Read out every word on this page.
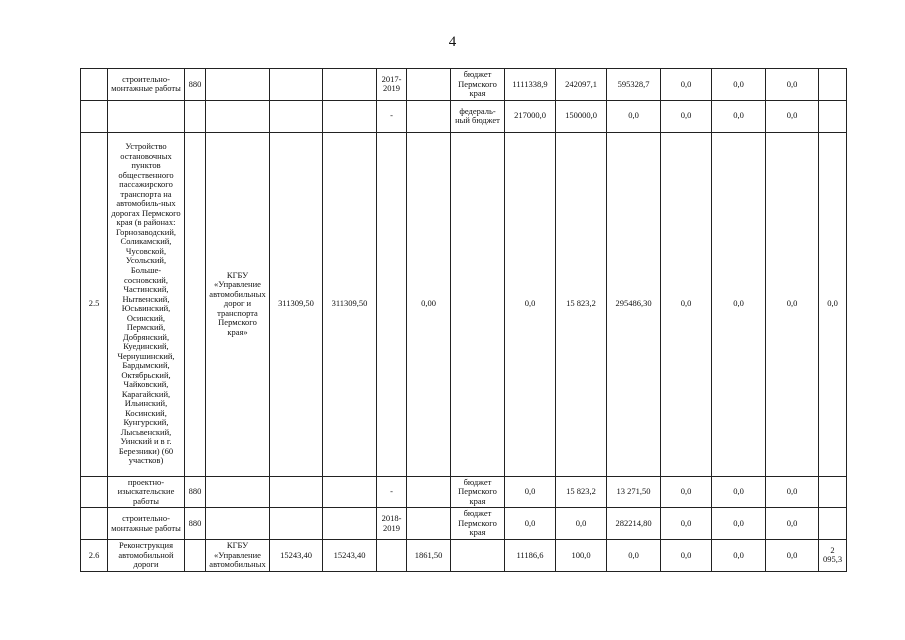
4
	строительно-монтажные работы	880				2017-2019		бюджет Пермского края	1111338,9	242097,1	595328,7	0,0	0,0	0,0	
						-		федераль-ный бюджет	217000,0	150000,0	0,0	0,0	0,0	0,0	
2.5	Устройство остановочных пунктов общественного пассажирского транспорта на автомобиль-ных дорогах Пермского края (в районах: Горнозаводский, Соликамский, Чусовской, Усольский, Больше-сосновский, Частинский, Нытвенский, Юсьвинский, Осинский, Пермский, Добрянский, Куединский, Чернушинский, Бардымский, Октябрьский, Чайковский, Карагайский, Ильинский, Косинский, Кунгурский, Лысьвенский, Уинский и в г. Березники) (60 участков)		КГБУ «Управление автомобильных дорог и транспорта Пермского края»	311309,50	311309,50		0,00		0,0	15 823,2	295486,30	0,0	0,0	0,0	0,0
	проектно-изыскательские работы	880				-		бюджет Пермского края	0,0	15 823,2	13 271,50	0,0	0,0	0,0	
	строительно-монтажные работы	880				2018-2019		бюджет Пермского края	0,0	0,0	282214,80	0,0	0,0	0,0	
2.6	Реконструкция автомобильной дороги		КГБУ «Управление автомобильных	15243,40	15243,40		1861,50		11186,6	100,0	0,0	0,0	0,0	0,0	2 095,3
